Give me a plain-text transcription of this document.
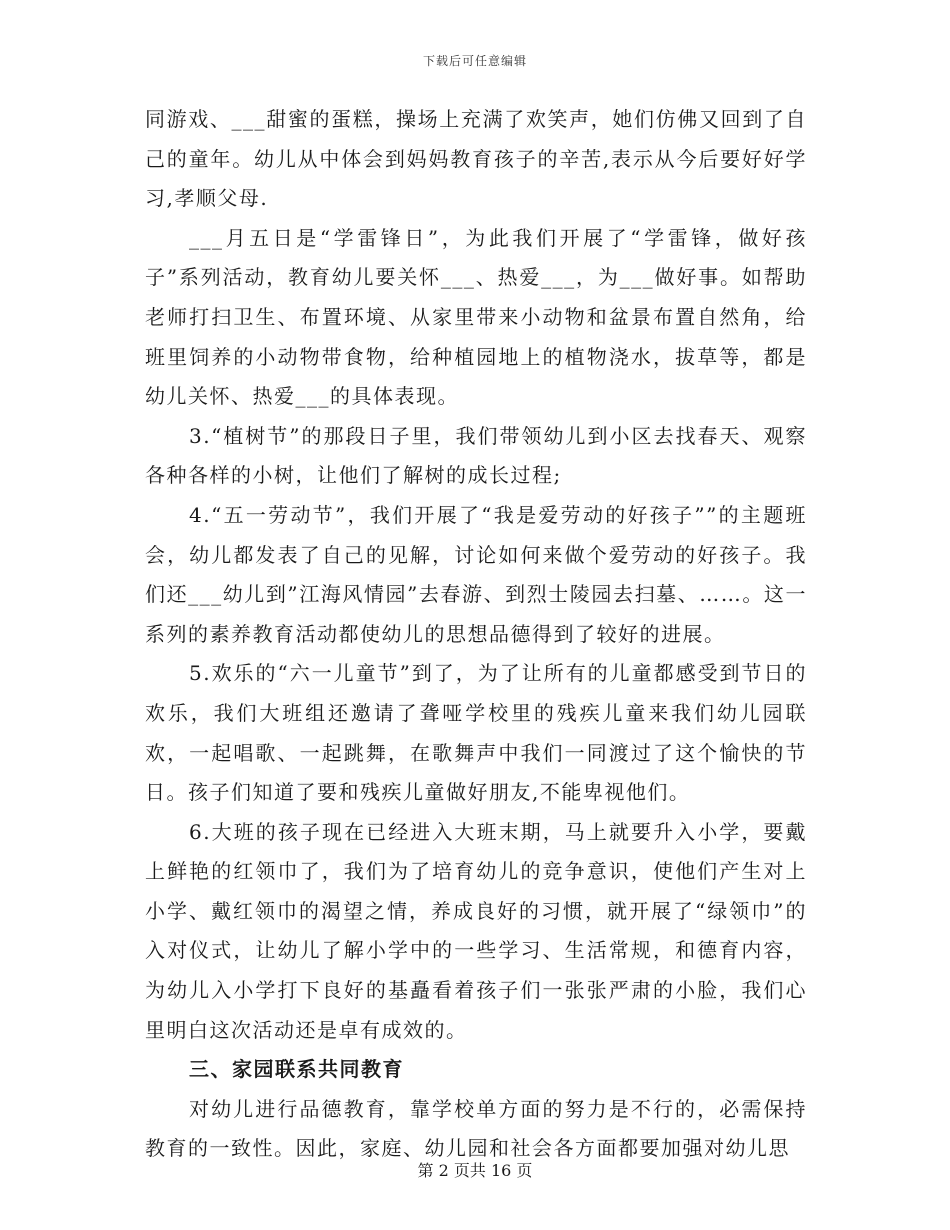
下载后可任意编辑

同游戏、___甜蜜的蛋糕，操场上充满了欢笑声，她们仿佛又回到了自己的童年。幼儿从中体会到妈妈教育孩子的辛苦,表示从今后要好好学习,孝顺父母.

___月五日是“学雷锋日”，为此我们开展了“学雷锋，做好孩子”系列活动，教育幼儿要关怀___、热爱___，为___做好事。如帮助老师打扫卫生、布置环境、从家里带来小动物和盆景布置自然角，给班里饲养的小动物带食物，给种植园地上的植物浇水，拔草等，都是幼儿关怀、热爱___的具体表现。

3.“植树节”的那段日子里，我们带领幼儿到小区去找春天、观察各种各样的小树，让他们了解树的成长过程;

4.“五一劳动节”，我们开展了“我是爱劳动的好孩子””的主题班会，幼儿都发表了自己的见解，讨论如何来做个爱劳动的好孩子。我们还___幼儿到”江海风情园”去春游、到烈士陵园去扫墓、……。这一系列的素养教育活动都使幼儿的思想品德得到了较好的进展。

5.欢乐的“六一儿童节”到了，为了让所有的儿童都感受到节日的欢乐，我们大班组还邀请了聋哑学校里的残疾儿童来我们幼儿园联欢，一起唱歌、一起跳舞，在歌舞声中我们一同渡过了这个愉快的节日。孩子们知道了要和残疾儿童做好朋友,不能卑视他们。

6.大班的孩子现在已经进入大班末期，马上就要升入小学，要戴上鲜艳的红领巾了，我们为了培育幼儿的竞争意识，使他们产生对上小学、戴红领巾的渴望之情，养成良好的习惯，就开展了“绿领巾”的入对仪式，让幼儿了解小学中的一些学习、生活常规，和德育内容，为幼儿入小学打下良好的基矗看着孩子们一张张严肃的小脸，我们心里明白这次活动还是卓有成效的。

三、家园联系共同教育

对幼儿进行品德教育，靠学校单方面的努力是不行的，必需保持教育的一致性。因此，家庭、幼儿园和社会各方面都要加强对幼儿思

第 2 页共 16 页
